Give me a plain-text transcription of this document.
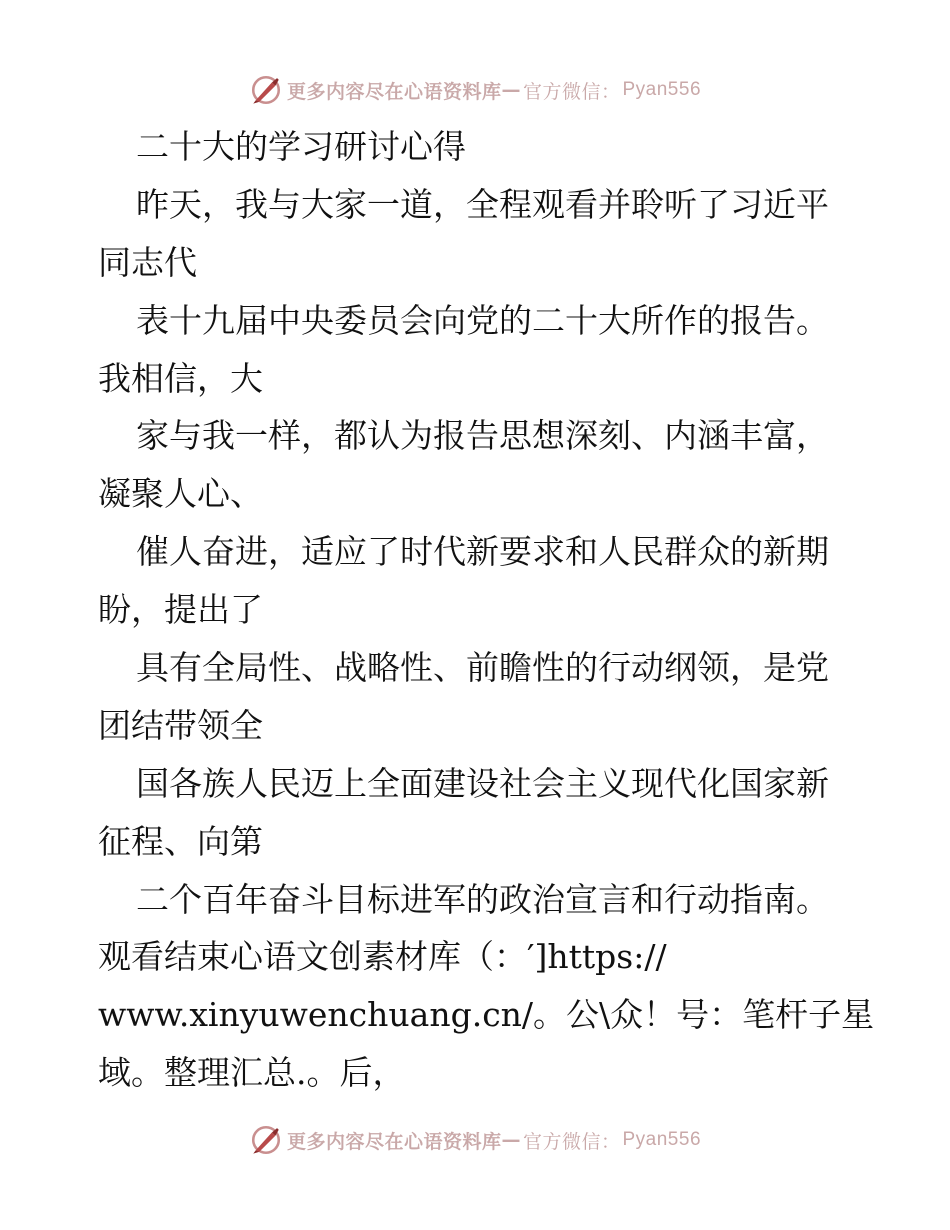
更多内容尽在心语资料库 — 官方微信： Pyan556
二十大的学习研讨心得
昨天，我与大家一道，全程观看并聆听了习近平
同志代
表十九届中央委员会向党的二十大所作的报告。
我相信，大
家与我一样，都认为报告思想深刻、内涵丰富，
凝聚人心、
催人奋进，适应了时代新要求和人民群众的新期
盼，提出了
具有全局性、战略性、前瞻性的行动纲领，是党
团结带领全
国各族人民迈上全面建设社会主义现代化国家新
征程、向第
二个百年奋斗目标进军的政治宣言和行动指南。
观看结束心语文创素材库（：′]https://
www.xinyuwenchuang.cn/。公\众！号：笔杆子星
域。整理汇总.。后，
更多内容尽在心语资料库 — 官方微信： Pyan556
